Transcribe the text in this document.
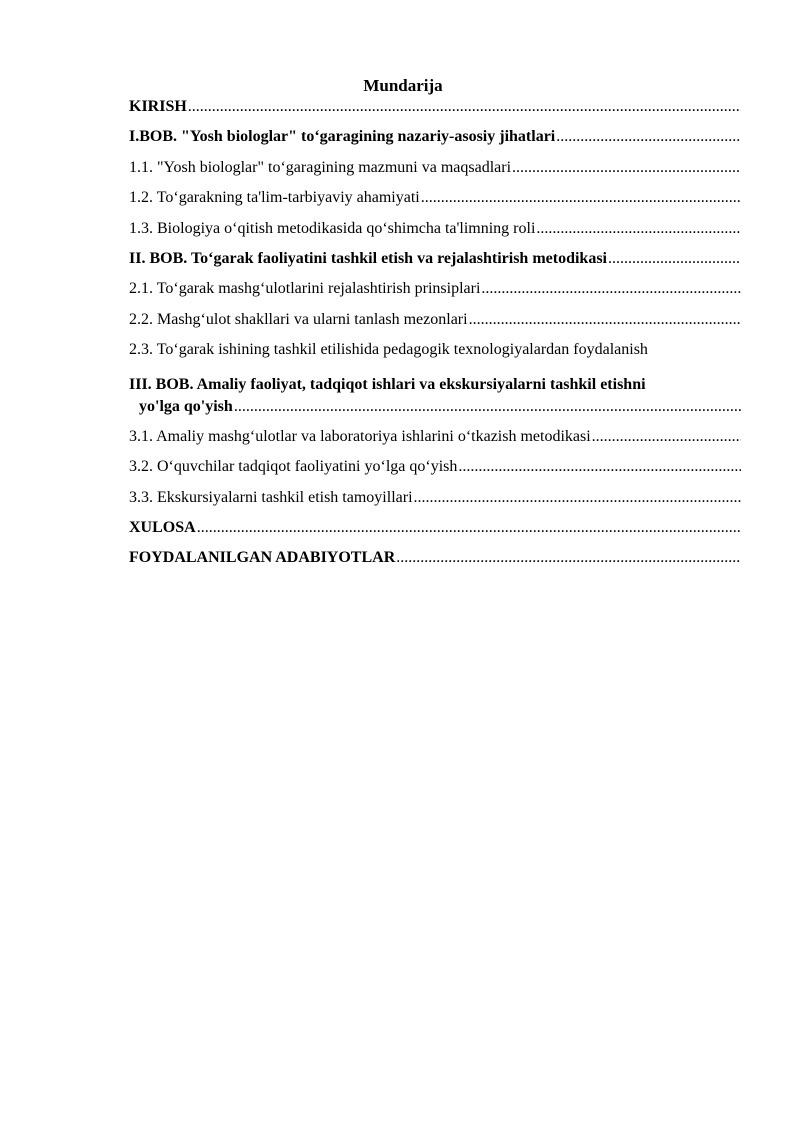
Mundarija
KIRISH
.....
I.BOB. "Yosh biologlar" to‘garagining nazariy-asosiy jihatlari
.....
1.1. "Yosh biologlar" to‘garagining mazmuni va maqsadlari
.....
1.2. To‘garakning ta'lim-tarbiyaviy ahamiyati
.....
1.3. Biologiya o‘qitish metodikasida qo‘shimcha ta'limning roli
.....
II. BOB. To‘garak faoliyatini tashkil etish va rejalashtirish metodikasi
.....
2.1. To‘garak mashg‘ulotlarini rejalashtirish prinsiplari
.....
2.2. Mashg‘ulot shakllari va ularni tanlash mezonlari
.....
2.3. To‘garak ishining tashkil etilishida pedagogik texnologiyalardan foydalanish
III. BOB. Amaliy faoliyat, tadqiqot ishlari va ekskursiyalarni tashkil etishni
yo'lga qo'yish
.....
3.1. Amaliy mashg‘ulotlar va laboratoriya ishlarini o‘tkazish metodikasi
.....
3.2. O‘quvchilar tadqiqot faoliyatini yo‘lga qo‘yish
.....
3.3. Ekskursiyalarni tashkil etish tamoyillari
.....
XULOSA
.....
FOYDALANILGAN ADABIYOTLAR
.....
